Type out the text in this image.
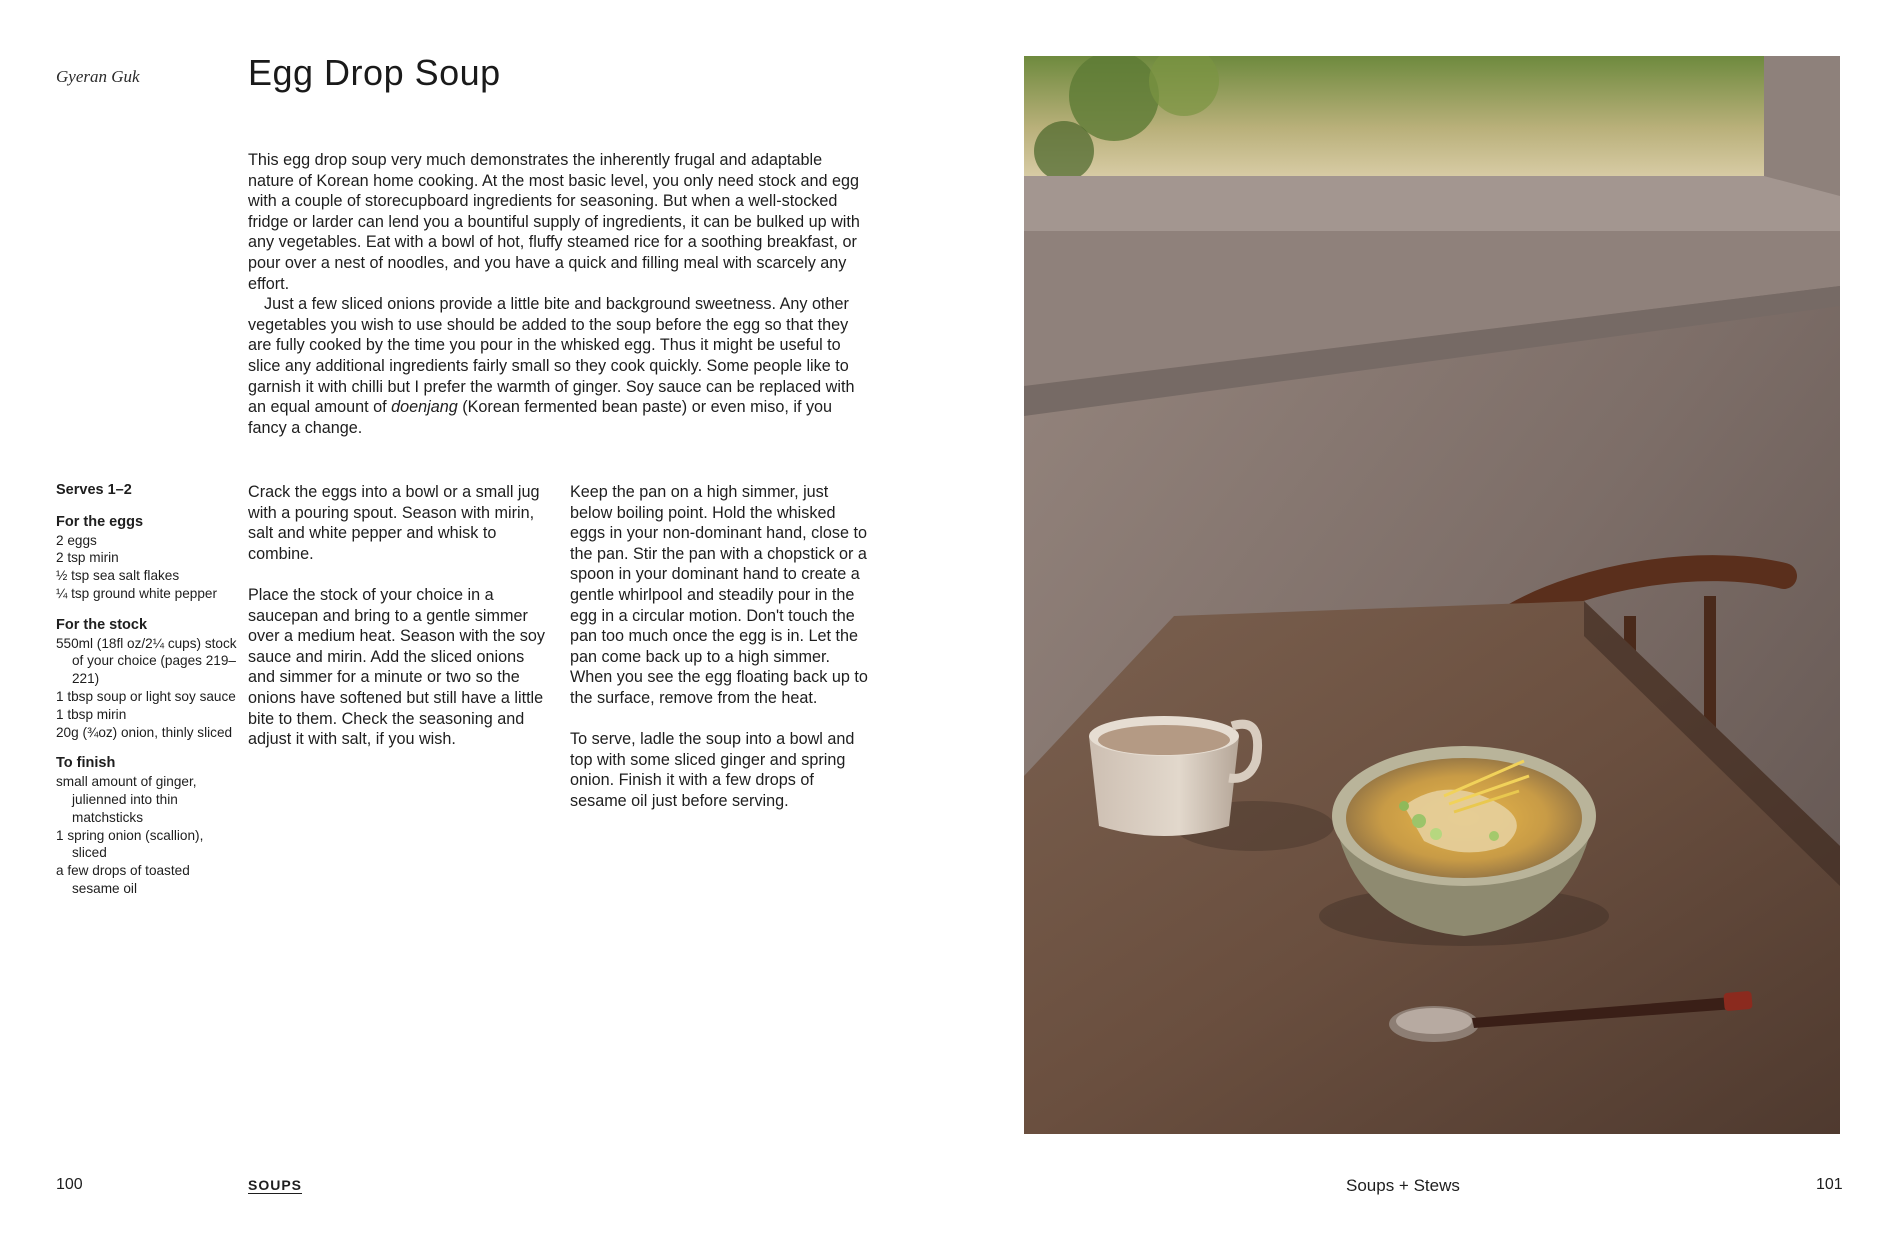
Gyeran Guk	Egg Drop Soup

This egg drop soup very much demonstrates the inherently frugal and adaptable nature of Korean home cooking. At the most basic level, you only need stock and egg with a couple of storecupboard ingredients for seasoning. But when a well-stocked fridge or larder can lend you a bountiful supply of ingredients, it can be bulked up with any vegetables. Eat with a bowl of hot, fluffy steamed rice for a soothing breakfast, or pour over a nest of noodles, and you have a quick and filling meal with scarcely any effort.

Just a few sliced onions provide a little bite and background sweetness. Any other vegetables you wish to use should be added to the soup before the egg so that they are fully cooked by the time you pour in the whisked egg. Thus it might be useful to slice any additional ingredients fairly small so they cook quickly. Some people like to garnish it with chilli but I prefer the warmth of ginger. Soy sauce can be replaced with an equal amount of doenjang (Korean fermented bean paste) or even miso, if you fancy a change.

Serves 1–2
For the eggs
2 eggs
2 tsp mirin
½ tsp sea salt flakes
¼ tsp ground white pepper
For the stock
550ml (18fl oz/2¼ cups) stock of your choice (pages 219–221)
1 tbsp soup or light soy sauce
1 tbsp mirin
20g (¾oz) onion, thinly sliced
To finish
small amount of ginger, julienned into thin matchsticks
1 spring onion (scallion), sliced
a few drops of toasted sesame oil

Crack the eggs into a bowl or a small jug with a pouring spout. Season with mirin, salt and white pepper and whisk to combine.

Place the stock of your choice in a saucepan and bring to a gentle simmer over a medium heat. Season with the soy sauce and mirin. Add the sliced onions and simmer for a minute or two so the onions have softened but still have a little bite to them. Check the seasoning and adjust it with salt, if you wish.

Keep the pan on a high simmer, just below boiling point. Hold the whisked eggs in your non-dominant hand, close to the pan. Stir the pan with a chopstick or a spoon in your dominant hand to create a gentle whirlpool and steadily pour in the egg in a circular motion. Don't touch the pan too much once the egg is in. Let the pan come back up to a high simmer. When you see the egg floating back up to the surface, remove from the heat.

To serve, ladle the soup into a bowl and top with some sliced ginger and spring onion. Finish it with a few drops of sesame oil just before serving.

100	SOUPS	Soups + Stews	101
